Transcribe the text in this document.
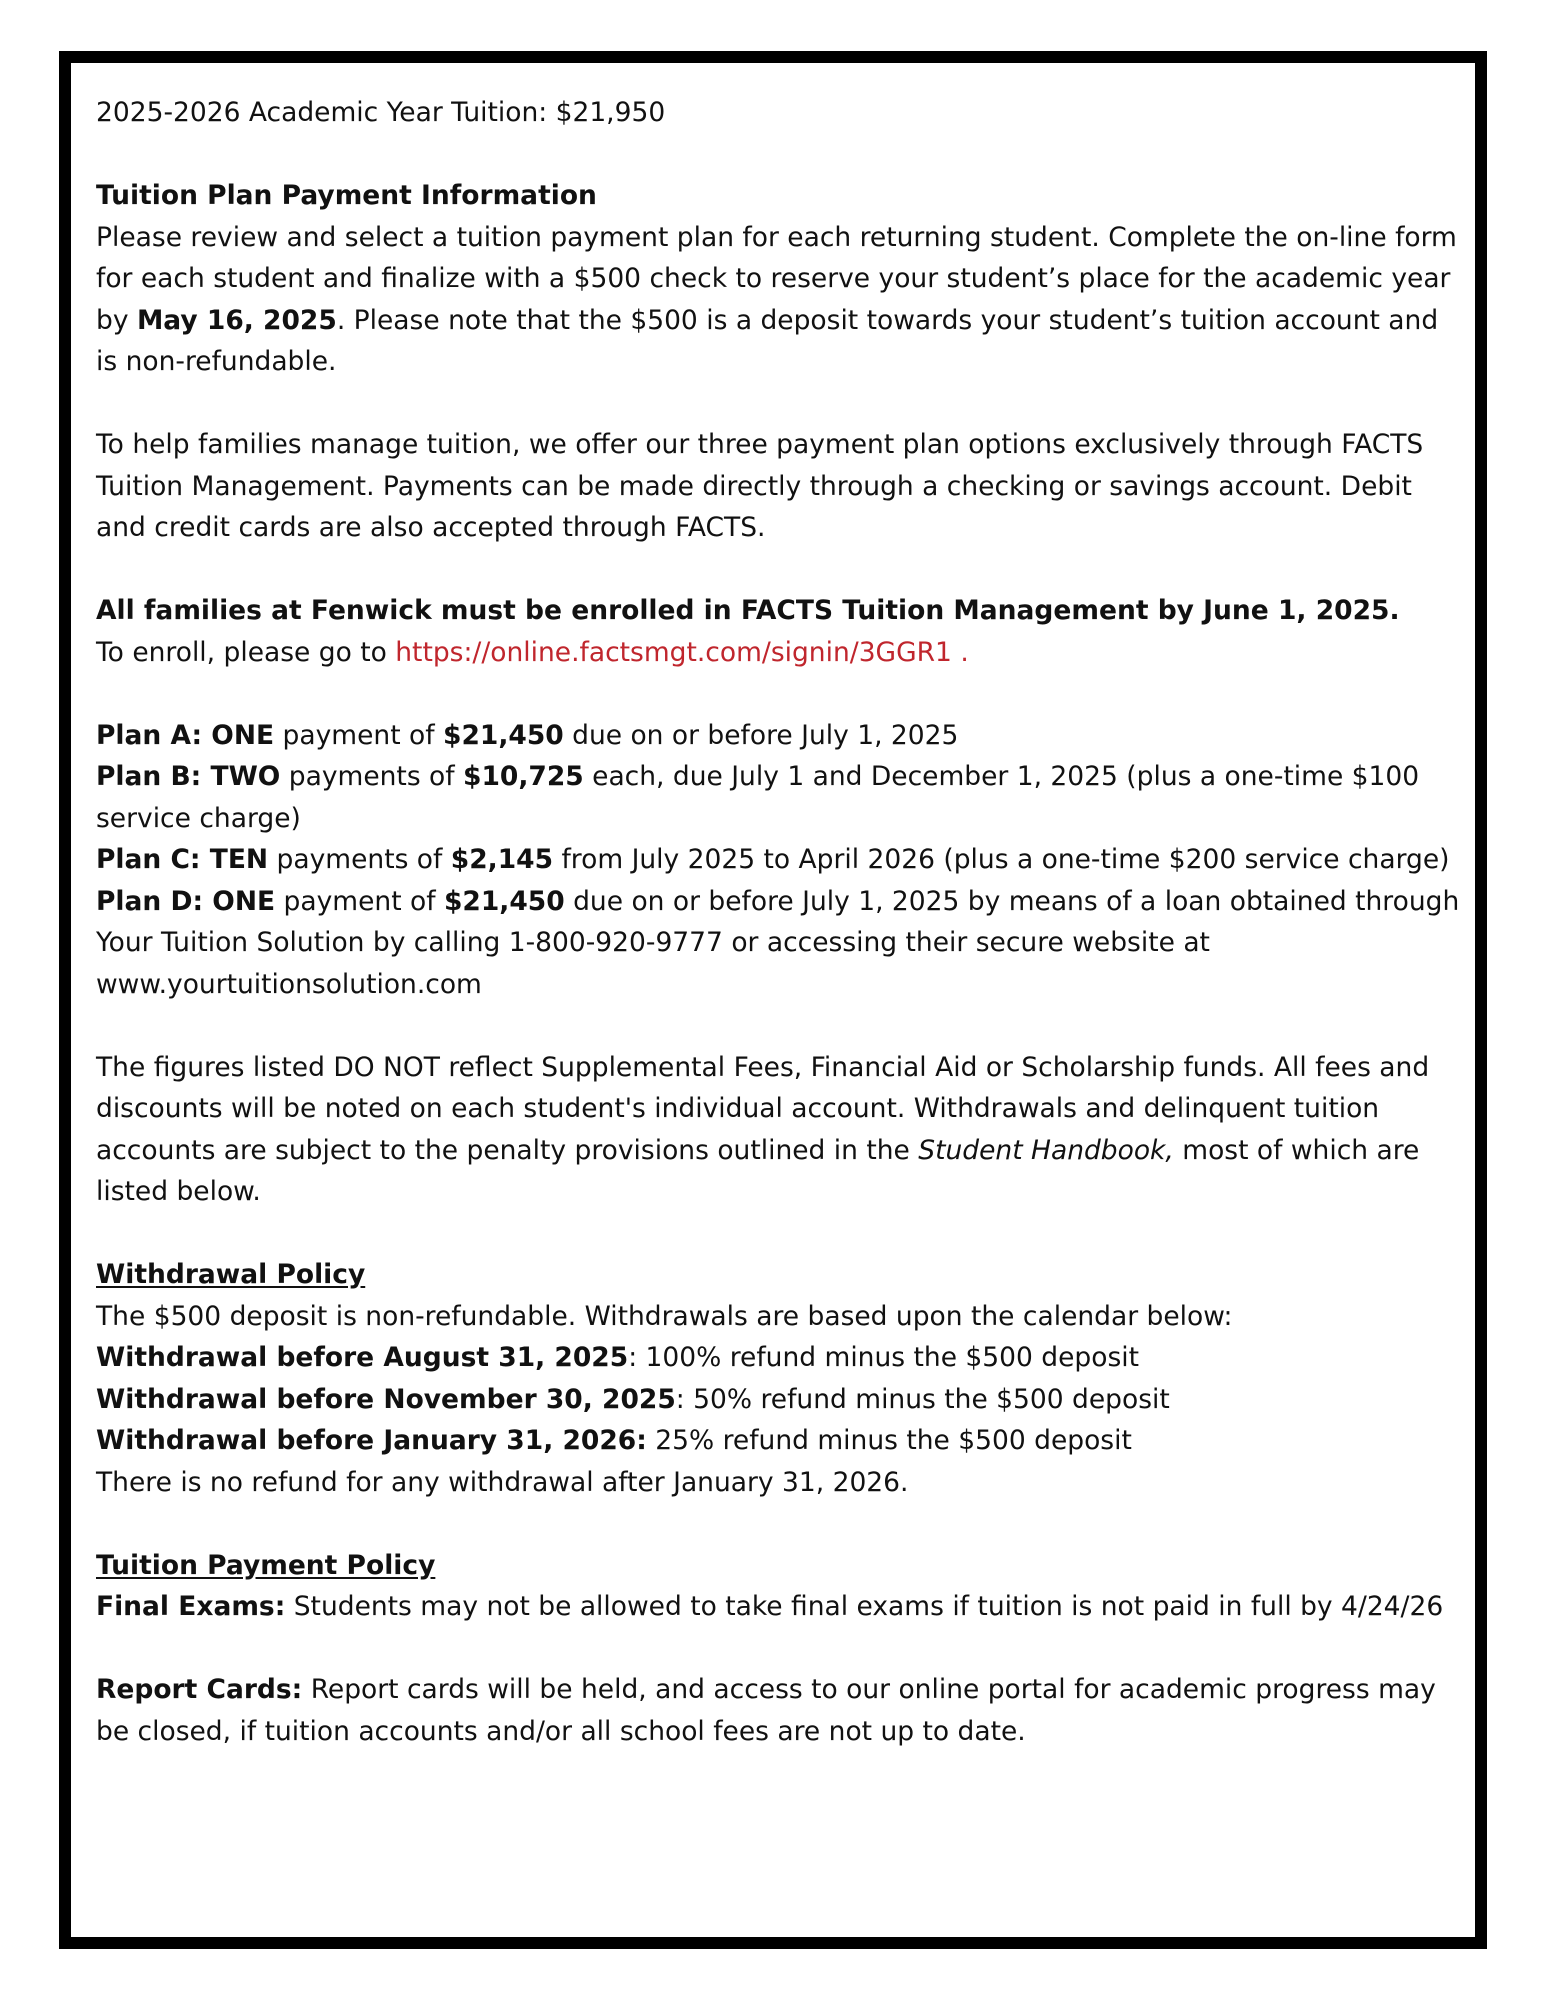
2025-2026 Academic Year Tuition: $21,950

Tuition Plan Payment Information

Please review and select a tuition payment plan for each returning student. Complete the on-line form for each student and finalize with a $500 check to reserve your student’s place for the academic year by May 16, 2025. Please note that the $500 is a deposit towards your student’s tuition account and is non-refundable.

To help families manage tuition, we offer our three payment plan options exclusively through FACTS Tuition Management. Payments can be made directly through a checking or savings account. Debit and credit cards are also accepted through FACTS.

All families at Fenwick must be enrolled in FACTS Tuition Management by June 1, 2025.

To enroll, please go to https://online.factsmgt.com/signin/3GGR1 .

Plan A: ONE payment of $21,450 due on or before July 1, 2025

Plan B: TWO payments of $10,725 each, due July 1 and December 1, 2025 (plus a one-time $100 service charge)

Plan C: TEN payments of $2,145 from July 2025 to April 2026 (plus a one-time $200 service charge)

Plan D: ONE payment of $21,450 due on or before July 1, 2025 by means of a loan obtained through Your Tuition Solution by calling 1-800-920-9777 or accessing their secure website at www.yourtuitionsolution.com

The figures listed DO NOT reflect Supplemental Fees, Financial Aid or Scholarship funds. All fees and discounts will be noted on each student's individual account. Withdrawals and delinquent tuition accounts are subject to the penalty provisions outlined in the Student Handbook, most of which are listed below.

Withdrawal Policy

The $500 deposit is non-refundable. Withdrawals are based upon the calendar below:

Withdrawal before August 31, 2025: 100% refund minus the $500 deposit

Withdrawal before November 30, 2025: 50% refund minus the $500 deposit

Withdrawal before January 31, 2026: 25% refund minus the $500 deposit

There is no refund for any withdrawal after January 31, 2026.

Tuition Payment Policy

Final Exams: Students may not be allowed to take final exams if tuition is not paid in full by 4/24/26

Report Cards: Report cards will be held, and access to our online portal for academic progress may be closed, if tuition accounts and/or all school fees are not up to date.
